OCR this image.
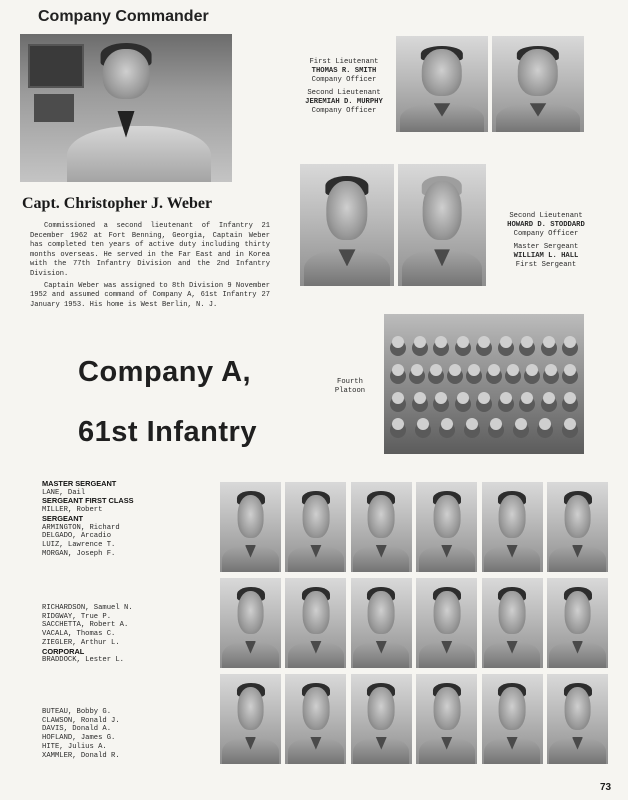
Company Commander
Capt. Christopher J. Weber

Commissioned a second lieutenant of Infantry 21 December 1962 at Fort Benning, Georgia, Captain Weber has completed ten years of active duty including thirty months overseas. He served in the Far East and in Korea with the 77th Infantry Division and the 2nd Infantry Division.

Captain Weber was assigned to 8th Division 9 November 1952 and assumed command of Company A, 61st Infantry 27 January 1953. His home is West Berlin, N. J.

First Lieutenant
THOMAS R. SMITH
Company Officer
Second Lieutenant
JEREMIAH D. MURPHY
Company Officer
Second Lieutenant
HOWARD D. STODDARD
Company Officer
Master Sergeant
WILLIAM L. HALL
First Sergeant
Company A,
61st Infantry
Fourth
Platoon
MASTER SERGEANT
LANE, Dail
SERGEANT FIRST CLASS
MILLER, Robert
SERGEANT
ARMINGTON, Richard
DELGADO, Arcadio
LUIZ, Lawrence T.
MORGAN, Joseph F.
RICHARDSON, Samuel N.
RIDGWAY, True P.
SACCHETTA, Robert A.
VACALA, Thomas C.
ZIEGLER, Arthur L.
CORPORAL
BRADDOCK, Lester L.
BUTEAU, Bobby G.
CLAWSON, Ronald J.
DAVIS, Donald A.
HOFLAND, James G.
HITE, Julius A.
XAMMLER, Donald R.
73
